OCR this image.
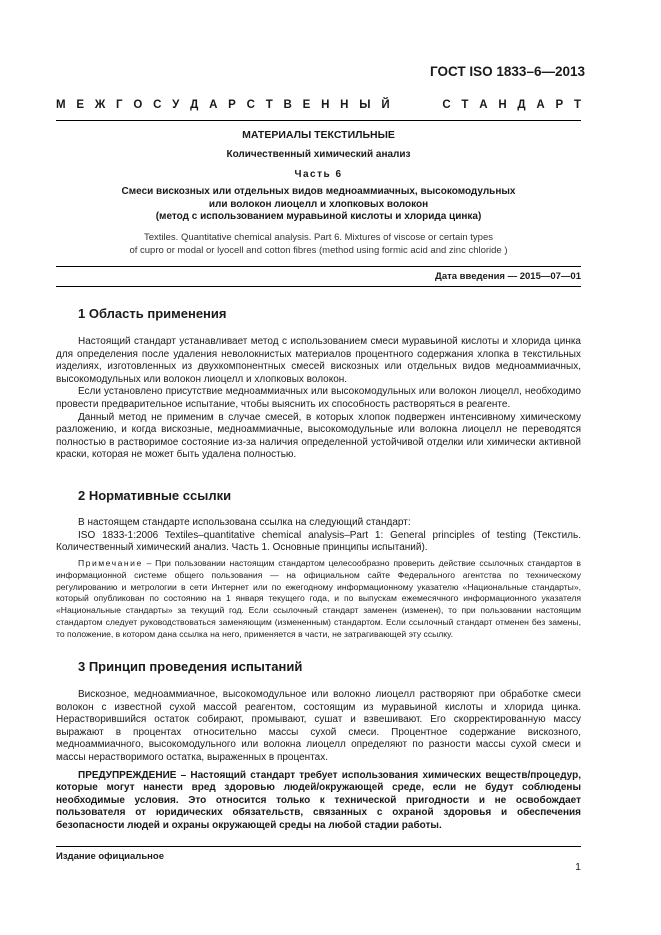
ГОСТ ISO 1833–6—2013
М Е Ж Г О С У Д А Р С Т В Е Н Н Ы Й

	С Т А Н Д А Р Т
МАТЕРИАЛЫ ТЕКСТИЛЬНЫЕ
Количественный химический анализ
Часть 6
Смеси вискозных или отдельных видов медноаммиачных, высокомодульных
или волокон лиоцелл и хлопковых волокон
(метод с использованием муравьиной кислоты и хлорида цинка)
Textiles. Quantitative chemical analysis. Part 6. Mixtures of viscose or certain types
of cupro or modal or lyocell and cotton fibres (method using formic acid and zinc chloride )
Дата введения — 2015—07—01
1 Область применения

Настоящий стандарт устанавливает метод с использованием смеси муравьиной кислоты и хлорида цинка для определения после удаления неволокнистых материалов процентного содержания хлопка в текстильных изделиях, изготовленных из двухкомпонентных смесей вискозных или отдельных видов медноаммиачных, высокомодульных или волокон лиоцелл и хлопковых волокон.

Если установлено присутствие медноаммиачных или высокомодульных или волокон лиоцелл, необходимо провести предварительное испытание, чтобы выяснить их способность растворяться в реагенте.

Данный метод не применим в случае смесей, в которых хлопок подвержен интенсивному химическому разложению, и когда вискозные, медноаммиачные, высокомодульные или волокна лиоцелл не переводятся полностью в растворимое состояние из-за наличия определенной устойчивой отделки или химически активной краски, которая не может быть удалена полностью.

2 Нормативные ссылки

В настоящем стандарте использована ссылка на следующий стандарт:

ISO 1833-1:2006 Textiles–quantitative chemical analysis–Part 1: General principles of testing (Текстиль. Количественный химический анализ. Часть 1. Основные принципы испытаний).

Примечание – При пользовании настоящим стандартом целесообразно проверить действие ссылочных стандартов в информационной системе общего пользования — на официальном сайте Федерального агентства по техническому регулированию и метрологии в сети Интернет или по ежегодному информационному указателю «Национальные стандарты», который опубликован по состоянию на 1 января текущего года, и по выпускам ежемесячного информационного указателя «Национальные стандарты» за текущий год. Если ссылочный стандарт заменен (изменен), то при пользовании настоящим стандартом следует руководствоваться заменяющим (измененным) стандартом. Если ссылочный стандарт отменен без замены, то положение, в котором дана ссылка на него, применяется в части, не затрагивающей эту ссылку.

3 Принцип проведения испытаний

Вискозное, медноаммиачное, высокомодульное или волокно лиоцелл растворяют при обработке смеси волокон с известной сухой массой реагентом, состоящим из муравьиной кислоты и хлорида цинка. Нерастворившийся остаток собирают, промывают, сушат и взвешивают. Его скорректированную массу выражают в процентах относительно массы сухой смеси. Процентное содержание вискозного, медноаммиачного, высокомодульного или волокна лиоцелл определяют по разности массы сухой смеси и массы нерастворимого остатка, выраженных в процентах.

ПРЕДУПРЕЖДЕНИЕ – Настоящий стандарт требует использования химических веществ/процедур, которые могут нанести вред здоровью людей/окружающей среде, если не будут соблюдены необходимые условия. Это относится только к технической пригодности и не освобождает пользователя от юридических обязательств, связанных с охраной здоровья и обеспечения безопасности людей и охраны окружающей среды на любой стадии работы.

Издание официальное
1
